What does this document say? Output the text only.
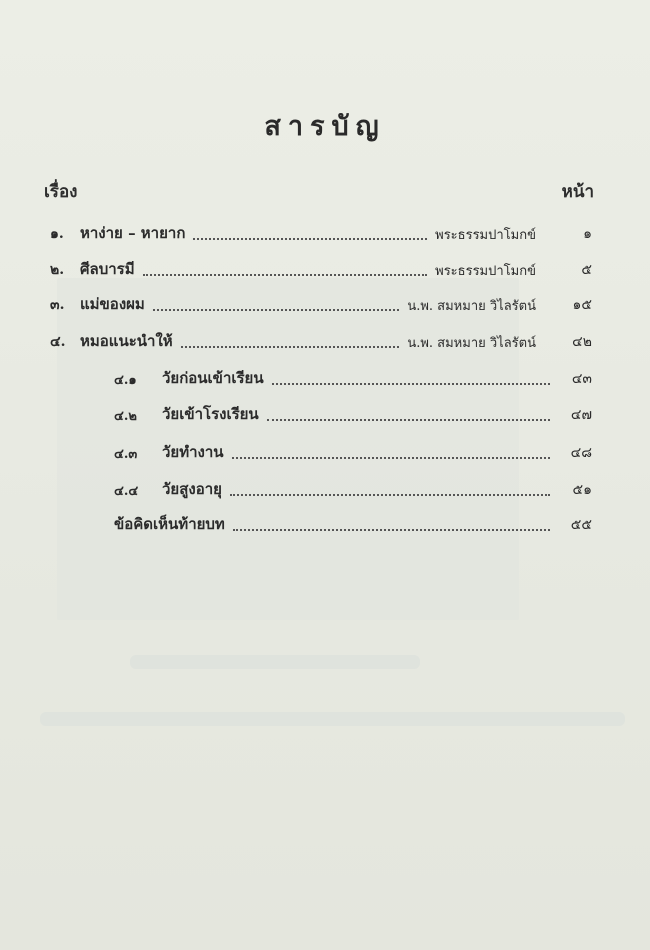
สารบัญ
เรื่อง	หน้า
๑.	หาง่าย – หายาก	พระธรรมปาโมกข์	๑
๒.	ศีลบารมี	พระธรรมปาโมกข์	๕
๓.	แม่ของผม	น.พ. สมหมาย วิไลรัตน์	๑๕
๔. หมอแนะนำให้	น.พ. สมหมาย วิไลรัตน์	๔๒
๔.๑	วัยก่อนเข้าเรียน	๔๓
๔.๒	วัยเข้าโรงเรียน	๔๗
๔.๓	วัยทำงาน	๔๘
๔.๔	วัยสูงอายุ	๕๑
ข้อคิดเห็นท้ายบท	๕๕
